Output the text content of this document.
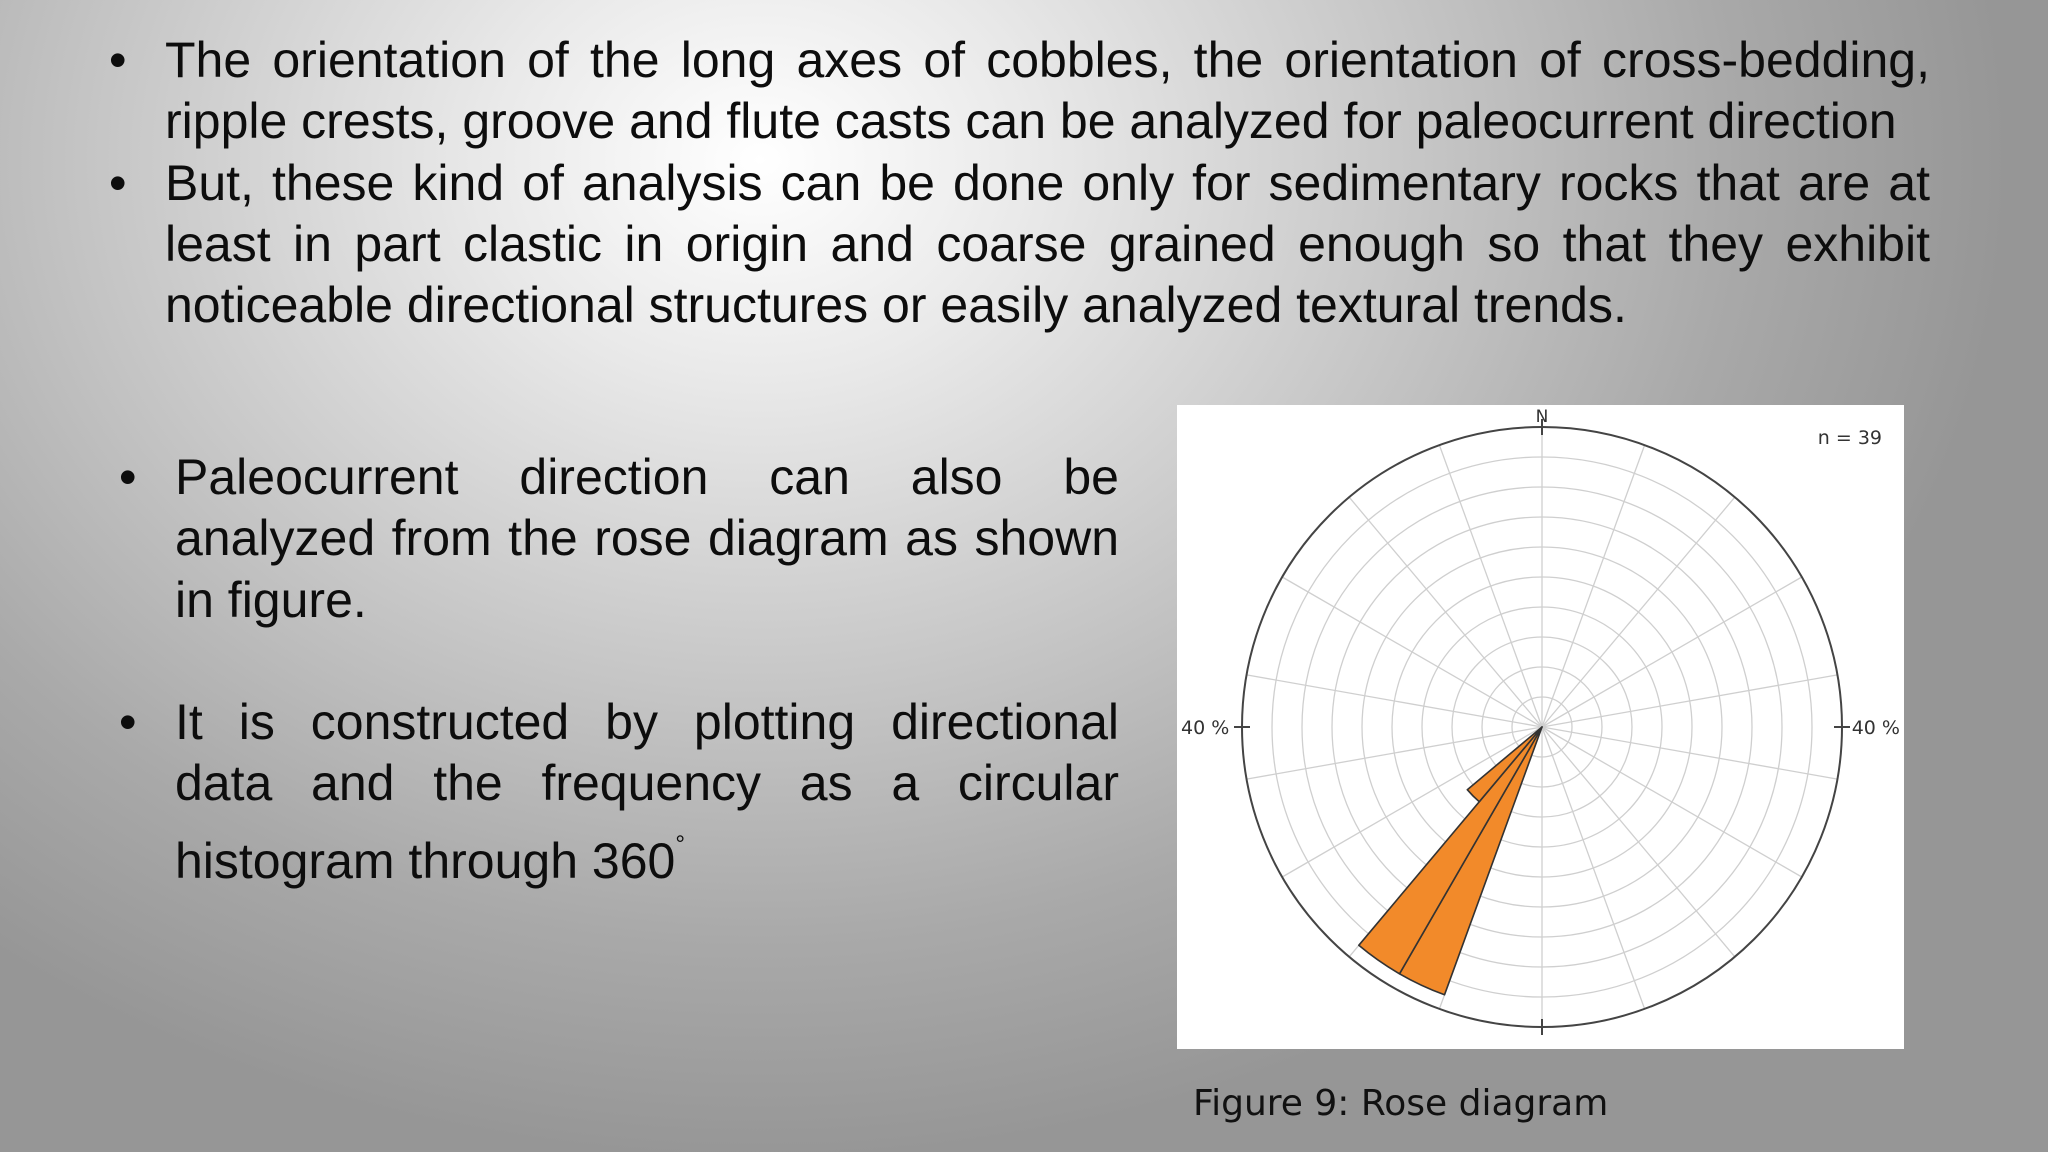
• The orientation of the long axes of cobbles, the orientation of cross-bedding, ripple crests, groove and flute casts can be analyzed for paleocurrent direction
• But, these kind of analysis can be done only for sedimentary rocks that are at least in part clastic in origin and coarse grained enough so that they exhibit noticeable directional structures or easily analyzed textural trends.
• Paleocurrent direction can also be analyzed from the rose diagram as shown in figure.
• It is constructed by plotting directional data and the frequency as a circular histogram through 360°
N
n = 39
40 %	40 %
Figure 9: Rose diagram
